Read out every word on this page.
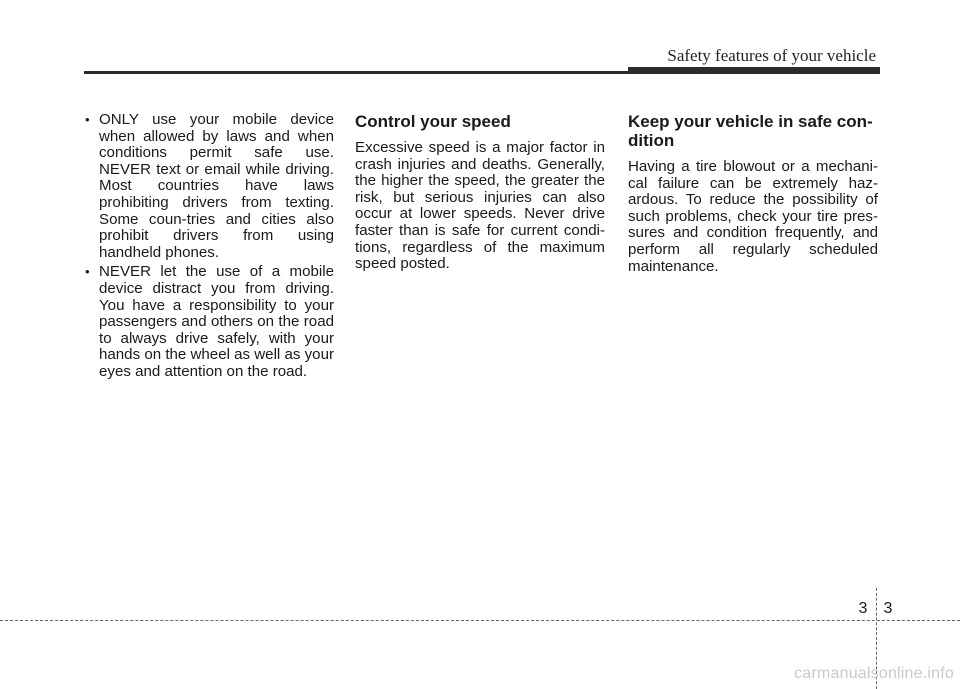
Safety features of your vehicle
• ONLY use your mobile device when allowed by laws and when conditions permit safe use. NEVER text or email while driving. Most countries have laws prohibiting drivers from texting. Some coun-tries and cities also prohibit drivers from using handheld phones.
• NEVER let the use of a mobile device distract you from driving. You have a responsibility to your passengers and others on the road to always drive safely, with your hands on the wheel as well as your eyes and attention on the road.
Control your speed

Excessive speed is a major factor in crash injuries and deaths. Generally, the higher the speed, the greater the risk, but serious injuries can also occur at lower speeds. Never drive faster than is safe for current condi-tions, regardless of the maximum speed posted.

Keep your vehicle in safe con-dition

Having a tire blowout or a mechani-cal failure can be extremely haz-ardous. To reduce the possibility of such problems, check your tire pres-sures and condition frequently, and perform all regularly scheduled maintenance.

3 3
carmanualsonline.info
